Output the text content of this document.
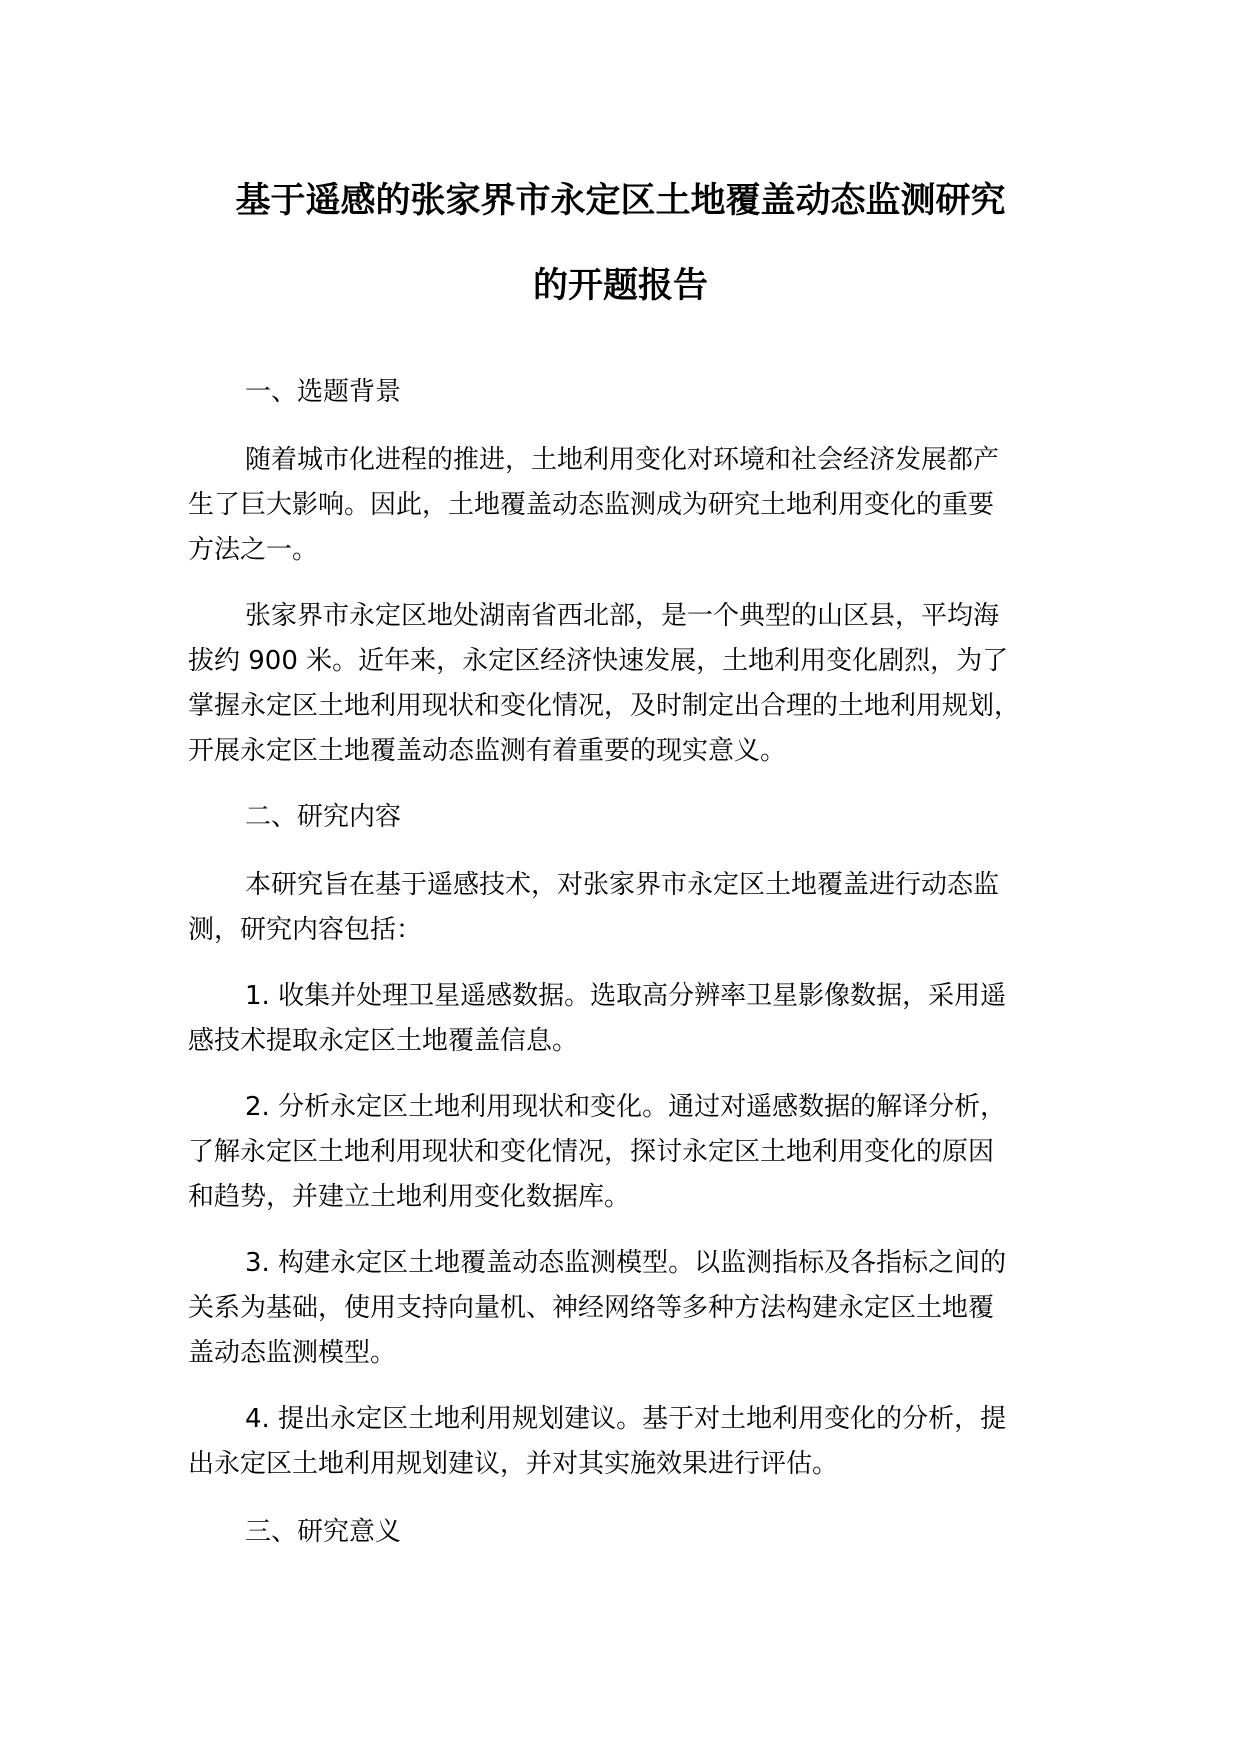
基于遥感的张家界市永定区土地覆盖动态监测研究
的开题报告
一、选题背景
随着城市化进程的推进，土地利用变化对环境和社会经济发展都产
生了巨大影响。因此，土地覆盖动态监测成为研究土地利用变化的重要
方法之一。
张家界市永定区地处湖南省西北部，是一个典型的山区县，平均海
拔约 900 米。近年来，永定区经济快速发展，土地利用变化剧烈，为了
掌握永定区土地利用现状和变化情况，及时制定出合理的土地利用规划，
开展永定区土地覆盖动态监测有着重要的现实意义。
二、研究内容
本研究旨在基于遥感技术，对张家界市永定区土地覆盖进行动态监
测，研究内容包括：
1. 收集并处理卫星遥感数据。选取高分辨率卫星影像数据，采用遥
感技术提取永定区土地覆盖信息。
2. 分析永定区土地利用现状和变化。通过对遥感数据的解译分析，
了解永定区土地利用现状和变化情况，探讨永定区土地利用变化的原因
和趋势，并建立土地利用变化数据库。
3. 构建永定区土地覆盖动态监测模型。以监测指标及各指标之间的
关系为基础，使用支持向量机、神经网络等多种方法构建永定区土地覆
盖动态监测模型。
4. 提出永定区土地利用规划建议。基于对土地利用变化的分析，提
出永定区土地利用规划建议，并对其实施效果进行评估。
三、研究意义
